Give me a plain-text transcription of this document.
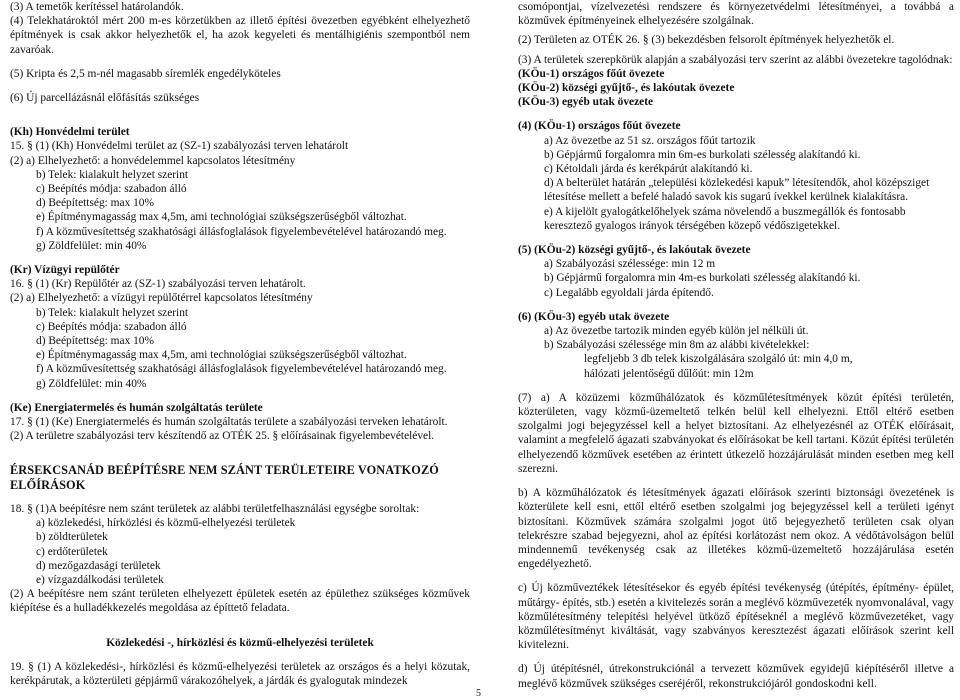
(3) A temetők kerítéssel határolandók.

(4) Telekhatároktól mért 200 m-es körzetükben az illető építési övezetben egyébként elhelyezhető építmények is csak akkor helyezhetők el, ha azok kegyeleti és mentálhigiénis szempontból nem zavaróak.

(5) Kripta és 2,5 m-nél magasabb síremlék engedélyköteles

(6) Új parcellázásnál előfásítás szükséges

(Kh) Honvédelmi terület

15. § (1) (Kh) Honvédelmi terület az (SZ-1) szabályozási terven lehatárolt

(2) a) Elhelyezhető: a honvédelemmel kapcsolatos létesítmény

b) Telek: kialakult helyzet szerint

c) Beépítés módja: szabadon álló

d) Beépítettség: max 10%

e) Építménymagasság max 4,5m, ami technológiai szükségszerűségből változhat.

f) A közművesítettség szakhatósági állásfoglalások figyelembevételével határozandó meg.

g) Zöldfelület: min 40%

(Kr) Vízügyi repülőtér

16. § (1) (Kr) Repülőtér az (SZ-1) szabályozási terven lehatárolt.

(2) a) Elhelyezhető: a vízügyi repülőtérrel kapcsolatos létesítmény

b) Telek: kialakult helyzet szerint

c) Beépítés módja: szabadon álló

d) Beépítettség: max 10%

e) Építménymagasság max 4,5m, ami technológiai szükségszerűségből változhat.

f) A közművesítettség szakhatósági állásfoglalások figyelembevételével határozandó meg.

g) Zöldfelület: min 40%

(Ke) Energiatermelés és humán szolgáltatás területe

17. § (1) (Ke) Energiatermelés és humán szolgáltatás területe a szabályozási terveken lehatárolt.

(2) A területre szabályozási terv készítendő az OTÉK 25. § előírásainak figyelembevételével.

ÉRSEKCSANÁD BEÉPÍTÉSRE NEM SZÁNT TERÜLETEIRE VONATKOZÓ ELŐÍRÁSOK

18. § (1)A beépítésre nem szánt területek az alábbi területfelhasználási egységbe soroltak:

a) közlekedési, hírközlési és közmű-elhelyezési területek

b) zöldterületek

c) erdőterületek

d) mezőgazdasági területek

e) vízgazdálkodási területek

(2) A beépítésre nem szánt területen elhelyezett épületek esetén az épülethez szükséges közművek kiépítése és a hulladékkezelés megoldása az építtető feladata.

Közlekedési -, hírközlési és közmű-elhelyezési területek

19. § (1) A közlekedési-, hírközlési és közmű-elhelyezési területek az országos és a helyi közutak, kerékpárutak, a közterületi gépjármű várakozóhelyek, a járdák és gyalogutak mindezek

csomópontjai, vízelvezetési rendszere és környezetvédelmi létesítményei, a továbbá a közművek építményeinek elhelyezésére szolgálnak.

(2) Területen az OTÉK 26. § (3) bekezdésben felsorolt építmények helyezhetők el.

(3) A területek szerepkörük alapján a szabályozási terv szerint az alábbi övezetekre tagolódnak:

(KÖu-1) országos főút övezete

(KÖu-2) községi gyűjtő-, és lakóutak övezete

(KÖu-3) egyéb utak övezete

(4) (KÖu-1) országos főút övezete

a) Az övezetbe az 51 sz. országos főút tartozik

b) Gépjármű forgalomra min 6m-es burkolati szélesség alakítandó ki.

c) Kétoldali járda és kerékpárút alakítandó ki.

d) A belterület határán „települési közlekedési kapuk” létesítendők, ahol középsziget létesítése mellett a befelé haladó savok kis sugarú ívekkel kerülnek kialakításra.

e) A kijelölt gyalogátkelőhelyek száma növelendő a buszmegállók és fontosabb keresztező gyalogos irányok térségében közepő védőszigetekkel.

(5) (KÖu-2) községi gyűjtő-, és lakóutak övezete

a) Szabályozási szélessége: min 12 m

b) Gépjármű forgalomra min 4m-es burkolati szélesség alakítandó ki.

c) Legalább egyoldali járda építendő.

(6) (KÖu-3) egyéb utak övezete

a) Az övezetbe tartozik minden egyéb külön jel nélküli út.

b) Szabályozási szélessége min 8m az alábbi kivételekkel:

legfeljebb 3 db telek kiszolgálására szolgáló út: min 4,0 m,

hálózati jelentőségű dűlőút: min 12m

(7) a) A közüzemi közműhálózatok és közműlétesítmények közút építési területén, közterületen, vagy közmű-üzemeltető telkén belül kell elhelyezni. Ettől eltérő esetben szolgalmi jogi bejegyzéssel kell a helyet biztosítani. Az elhelyezésnél az OTÉK előírásait, valamint a megfelelő ágazati szabványokat és előírásokat be kell tartani. Közút építési területén elhelyezendő közművek esetében az érintett útkezelő hozzájárulását minden esetben meg kell szerezni.

b) A közműhálózatok és létesítmények ágazati előírások szerinti biztonsági övezetének is közterülete kell esni, ettől eltérő esetben szolgalmi jog bejegyzéssel kell a területi igényt biztosítani. Közművek számára szolgalmi jogot ütő bejegyezhető területen csak olyan telekrészre szabad bejegyezni, ahol az építési korlátozást nem okoz. A védőtávolságon belül mindennemű tevékenység csak az illetékes közmű-üzemeltető hozzájárulása esetén engedélyezhető.

c) Új közműveztékek létesítésekor és egyéb építési tevékenység (útépítés, építmény- épület, műtárgy- építés, stb.) esetén a kivitelezés során a meglévő közművezeték nyomvonalával, vagy közműlétesítmény telepítési helyével ütköző építéseknél a meglévő közművezetéket, vagy közműlétesítményt kiváltását, vagy szabványos keresztezést ágazati előírások szerint kell kivitelezni.

d) Új útépítésnél, útrekonstrukciónál a tervezett közművek egyidejű kiépítéséről illetve a meglévő közművek szükséges cseréjéről, rekonstrukciójáról gondoskodni kell.

5
